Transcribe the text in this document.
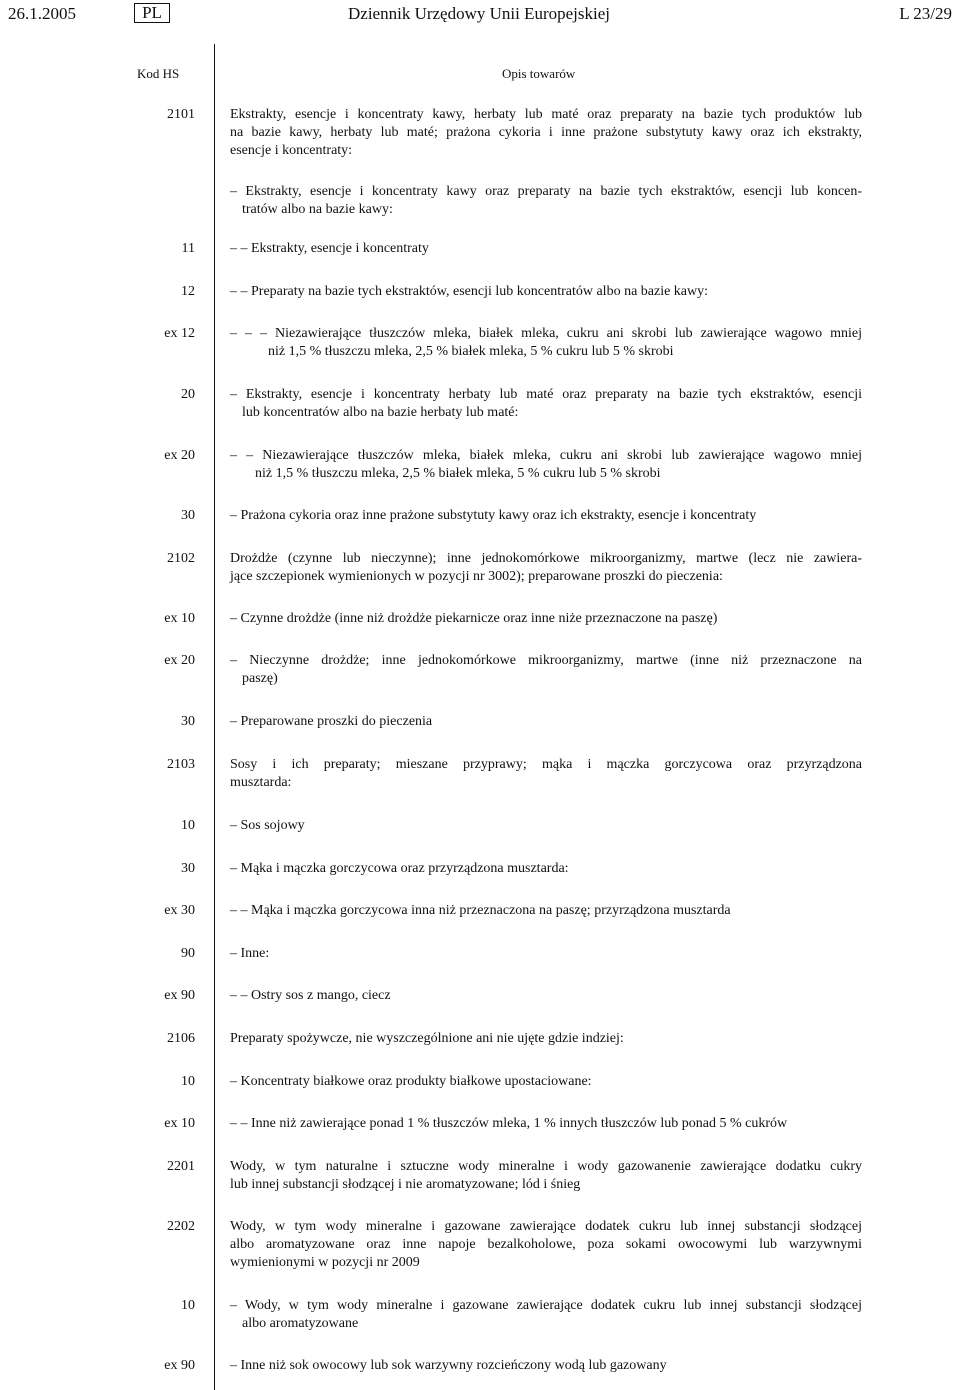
26.1.2005	PL	Dziennik Urzędowy Unii Europejskiej	L 23/29
Kod HS	Opis towarów
2101	Ekstrakty, esencje i koncentraty kawy, herbaty lub maté oraz preparaty na bazie tych produktów lub
na bazie kawy, herbaty lub maté; prażona cykoria i inne prażone substytuty kawy oraz ich ekstrakty,
esencje i koncentraty:
– Ekstrakty, esencje i koncentraty kawy oraz preparaty na bazie tych ekstraktów, esencji lub koncen-
tratów albo na bazie kawy:
11	– – Ekstrakty, esencje i koncentraty
12	– – Preparaty na bazie tych ekstraktów, esencji lub koncentratów albo na bazie kawy:
ex 12	– – – Niezawierające tłuszczów mleka, białek mleka, cukru ani skrobi lub zawierające wagowo mniej
niż 1,5 % tłuszczu mleka, 2,5 % białek mleka, 5 % cukru lub 5 % skrobi
20	– Ekstrakty, esencje i koncentraty herbaty lub maté oraz preparaty na bazie tych ekstraktów, esencji
lub koncentratów albo na bazie herbaty lub maté:
ex 20	– – Niezawierające tłuszczów mleka, białek mleka, cukru ani skrobi lub zawierające wagowo mniej
niż 1,5 % tłuszczu mleka, 2,5 % białek mleka, 5 % cukru lub 5 % skrobi
30	– Prażona cykoria oraz inne prażone substytuty kawy oraz ich ekstrakty, esencje i koncentraty
2102	Drożdże (czynne lub nieczynne); inne jednokomórkowe mikroorganizmy, martwe (lecz nie zawiera-
jące szczepionek wymienionych w pozycji nr 3002); preparowane proszki do pieczenia:
ex 10	– Czynne drożdże (inne niż drożdże piekarnicze oraz inne niże przeznaczone na paszę)
ex 20	– Nieczynne drożdże; inne jednokomórkowe mikroorganizmy, martwe (inne niż przeznaczone na
paszę)
30	– Preparowane proszki do pieczenia
2103	Sosy i ich preparaty; mieszane przyprawy; mąka i mączka gorczycowa oraz przyrządzona
musztarda:
10	– Sos sojowy
30	– Mąka i mączka gorczycowa oraz przyrządzona musztarda:
ex 30	– – Mąka i mączka gorczycowa inna niż przeznaczona na paszę; przyrządzona musztarda
90	– Inne:
ex 90	– – Ostry sos z mango, ciecz
2106	Preparaty spożywcze, nie wyszczególnione ani nie ujęte gdzie indziej:
10	– Koncentraty białkowe oraz produkty białkowe upostaciowane:
ex 10	– – Inne niż zawierające ponad 1 % tłuszczów mleka, 1 % innych tłuszczów lub ponad 5 % cukrów
2201	Wody, w tym naturalne i sztuczne wody mineralne i wody gazowanenie zawierające dodatku cukry
lub innej substancji słodzącej i nie aromatyzowane; lód i śnieg
2202	Wody, w tym wody mineralne i gazowane zawierające dodatek cukru lub innej substancji słodzącej
albo aromatyzowane oraz inne napoje bezalkoholowe, poza sokami owocowymi lub warzywnymi
wymienionymi w pozycji nr 2009
10	– Wody, w tym wody mineralne i gazowane zawierające dodatek cukru lub innej substancji słodzącej
albo aromatyzowane
ex 90	– Inne niż sok owocowy lub sok warzywny rozcieńczony wodą lub gazowany
